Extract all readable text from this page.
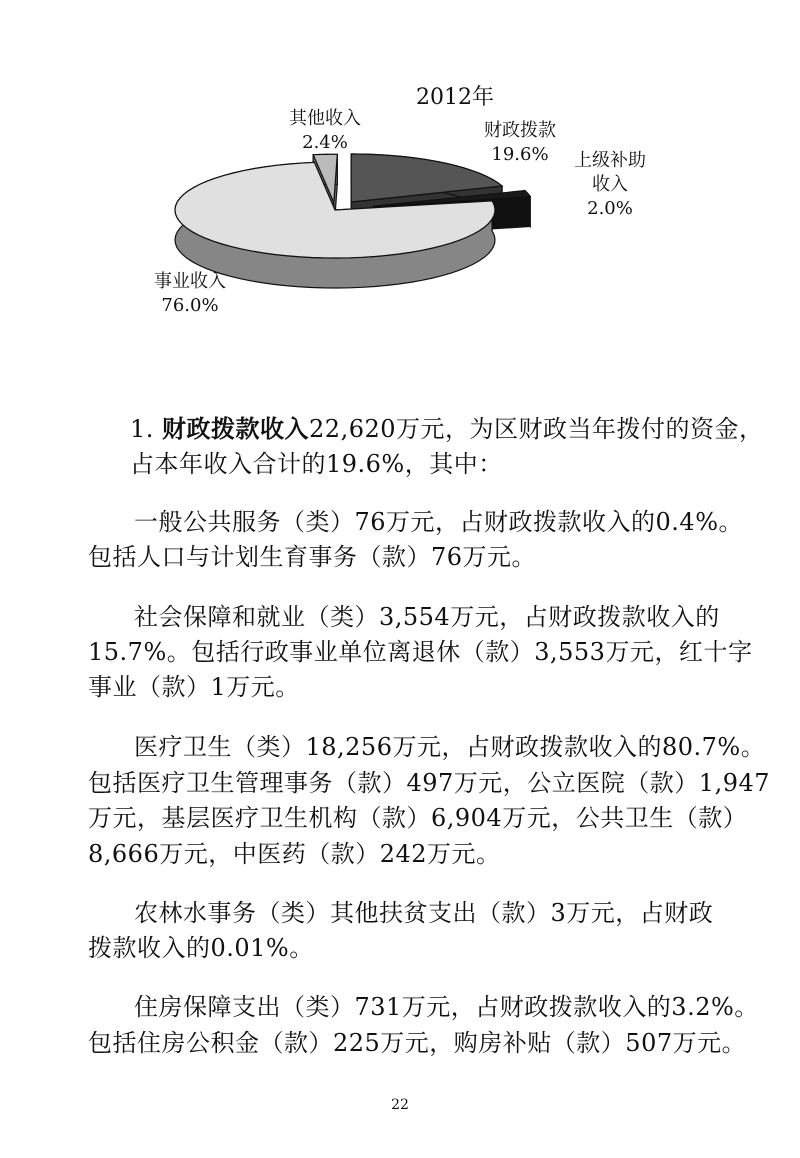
2012年
财政拨款
19.6% 上级补助
收入
2.0%
事业收入
76.0%
其他收入
2.4%
1. 财政拨款收入22,620万元，为区财政当年拨付的资金，
占本年收入合计的19.6%，其中：
一般公共服务（类）76万元，占财政拨款收入的0.4%。
包括人口与计划生育事务（款）76万元。
社会保障和就业（类）3,554万元，占财政拨款收入的
15.7%。包括行政事业单位离退休（款）3,553万元，红十字
事业（款）1万元。
医疗卫生（类）18,256万元，占财政拨款收入的80.7%。
包括医疗卫生管理事务（款）497万元，公立医院（款）1,947
万元，基层医疗卫生机构（款）6,904万元，公共卫生（款）
8,666万元，中医药（款）242万元。
农林水事务（类）其他扶贫支出（款）3万元，占财政
拨款收入的0.01%。
住房保障支出（类）731万元，占财政拨款收入的3.2%。
包括住房公积金（款）225万元，购房补贴（款）507万元。
22
